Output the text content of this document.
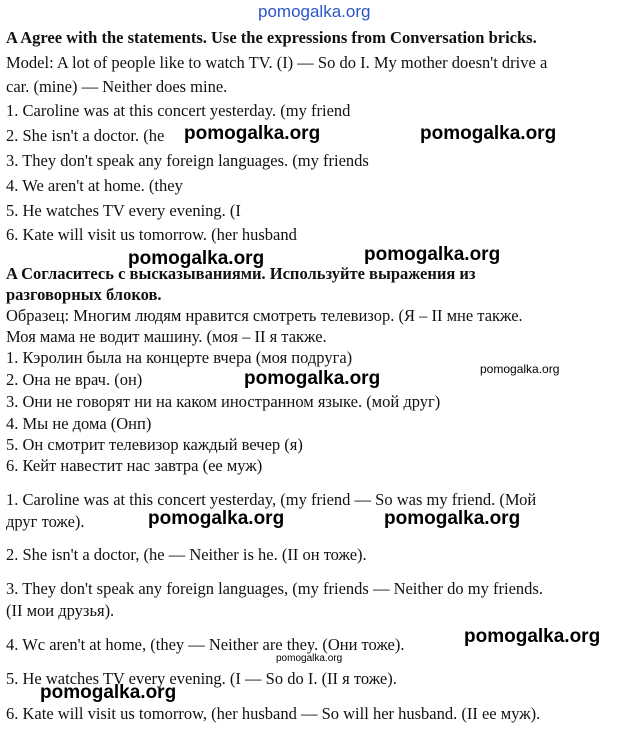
pomogalka.org
A Agree with the statements. Use the expressions from Conversation bricks.
Model: A lot of people like to watch TV. (I) — So do I. My mother doesn't drive a
car. (mine) — Neither does mine.
1. Caroline was at this concert yesterday. (my friend
2. She isn't a doctor. (he
3. They don't speak any foreign languages. (my friends
4. We aren't at home. (they
5. He watches TV every evening. (I
6. Kate will visit us tomorrow. (her husband
A Согласитесь с высказываниями. Используйте выражения из
разговорных блоков.
Образец: Многим людям нравится смотреть телевизор. (Я – II мне также.
Моя мама не водит машину. (моя – II я также.
1. Кэролин была на концерте вчера (моя подруга)
2. Она не врач. (он)
3. Они не говорят ни на каком иностранном языке. (мой друг)
4. Мы не дома (Онп)
5. Он смотрит телевизор каждый вечер (я)
6. Кейт навестит нас завтра (ее муж)
1. Caroline was at this concert yesterday, (my friend — So was my friend. (Мой
друг тоже).
2. She isn't a doctor, (he — Neither is he. (II он тоже).
3. They don't speak any foreign languages, (my friends — Neither do my friends.
(II мои друзья).
4. Wc aren't at home, (they — Neither are they. (Они тоже).
5. He watches TV every evening. (I — So do I. (II я тоже).
6. Kate will visit us tomorrow, (her husband — So will her husband. (II ее муж).
pomogalka.org	pomogalka.org
pomogalka.org	pomogalka.org
pomogalka.org	pomogalka.org
pomogalka.org	pomogalka.org
pomogalka.org
pomogalka.org
pomogalka.org
